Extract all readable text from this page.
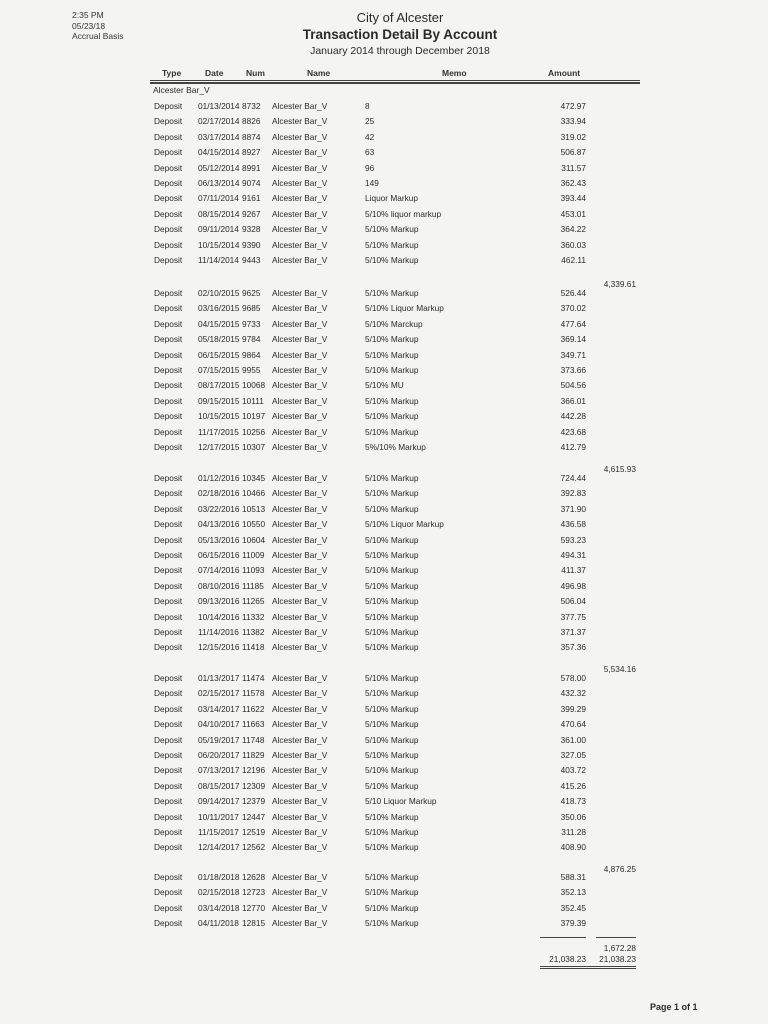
2:35 PM
05/23/18
Accrual Basis
City of Alcester
Transaction Detail By Account
January 2014 through December 2018
Type	Date	Num	Name	Memo	Amount
Alcester Bar_V
Deposit 01/13/2014 8732 Alcester Bar_V	8	472.97
Deposit 02/17/2014 8826 Alcester Bar_V	25	333.94
Deposit 03/17/2014 8874 Alcester Bar_V	42	319.02
Deposit 04/15/2014 8927 Alcester Bar_V	63	506.87
Deposit 05/12/2014 8991 Alcester Bar_V	96	311.57
Deposit 06/13/2014 9074 Alcester Bar_V	149	362.43
Deposit 07/11/2014 9161 Alcester Bar_V	Liquor Markup	393.44
Deposit 08/15/2014 9267 Alcester Bar_V	5/10% liquor markup	453.01
Deposit 09/11/2014 9328 Alcester Bar_V	5/10% Markup	364.22
Deposit 10/15/2014 9390 Alcester Bar_V	5/10% Markup	360.03
Deposit 11/14/2014 9443 Alcester Bar_V	5/10% Markup	462.11
4,339.61
Deposit 02/10/2015 9625 Alcester Bar_V	5/10% Markup	526.44
Deposit 03/16/2015 9685 Alcester Bar_V	5/10% Liquor Markup	370.02
Deposit 04/15/2015 9733 Alcester Bar_V	5/10% Marckup	477.64
Deposit 05/18/2015 9784 Alcester Bar_V	5/10% Markup	369.14
Deposit 06/15/2015 9864 Alcester Bar_V	5/10% Markup	349.71
Deposit 07/15/2015 9955 Alcester Bar_V	5/10% Markup	373.66
Deposit 08/17/2015 10068 Alcester Bar_V	5/10% MU	504.56
Deposit 09/15/2015 10111 Alcester Bar_V	5/10% Markup	366.01
Deposit 10/15/2015 10197 Alcester Bar_V	5/10% Markup	442.28
Deposit 11/17/2015 10256 Alcester Bar_V	5/10% Markup	423.68
Deposit 12/17/2015 10307 Alcester Bar_V	5%/10% Markup	412.79
4,615.93
Deposit 01/12/2016 10345 Alcester Bar_V	5/10% Markup	724.44
Deposit 02/18/2016 10466 Alcester Bar_V	5/10% Markup	392.83
Deposit 03/22/2016 10513 Alcester Bar_V	5/10% Markup	371.90
Deposit 04/13/2016 10550 Alcester Bar_V	5/10% Liquor Markup	436.58
Deposit 05/13/2016 10604 Alcester Bar_V	5/10% Markup	593.23
Deposit 06/15/2016 11009 Alcester Bar_V	5/10% Markup	494.31
Deposit 07/14/2016 11093 Alcester Bar_V	5/10% Markup	411.37
Deposit 08/10/2016 11185 Alcester Bar_V	5/10% Markup	496.98
Deposit 09/13/2016 11265 Alcester Bar_V	5/10% Markup	506.04
Deposit 10/14/2016 11332 Alcester Bar_V	5/10% Markup	377.75
Deposit 11/14/2016 11382 Alcester Bar_V	5/10% Markup	371.37
Deposit 12/15/2016 11418 Alcester Bar_V	5/10% Markup	357.36
5,534.16
Deposit 01/13/2017 11474 Alcester Bar_V	5/10% Markup	578.00
Deposit 02/15/2017 11578 Alcester Bar_V	5/10% Markup	432.32
Deposit 03/14/2017 11622 Alcester Bar_V	5/10% Markup	399.29
Deposit 04/10/2017 11663 Alcester Bar_V	5/10% Markup	470.64
Deposit 05/19/2017 11748 Alcester Bar_V	5/10% Markup	361.00
Deposit 06/20/2017 11829 Alcester Bar_V	5/10% Markup	327.05
Deposit 07/13/2017 12196 Alcester Bar_V	5/10% Markup	403.72
Deposit 08/15/2017 12309 Alcester Bar_V	5/10% Markup	415.26
Deposit 09/14/2017 12379 Alcester Bar_V	5/10 Liquor Markup	418.73
Deposit 10/11/2017 12447 Alcester Bar_V	5/10% Markup	350.06
Deposit 11/15/2017 12519 Alcester Bar_V	5/10% Markup	311.28
Deposit 12/14/2017 12562 Alcester Bar_V	5/10% Markup	408.90
4,876.25
Deposit 01/18/2018 12628 Alcester Bar_V	5/10% Markup	588.31
Deposit 02/15/2018 12723 Alcester Bar_V	5/10% Markup	352.13
Deposit 03/14/2018 12770 Alcester Bar_V	5/10% Markup	352.45
Deposit 04/11/2018 12815 Alcester Bar_V	5/10% Markup	379.39
1,672.28
21,038.23	21,038.23
Page 1 of 1
